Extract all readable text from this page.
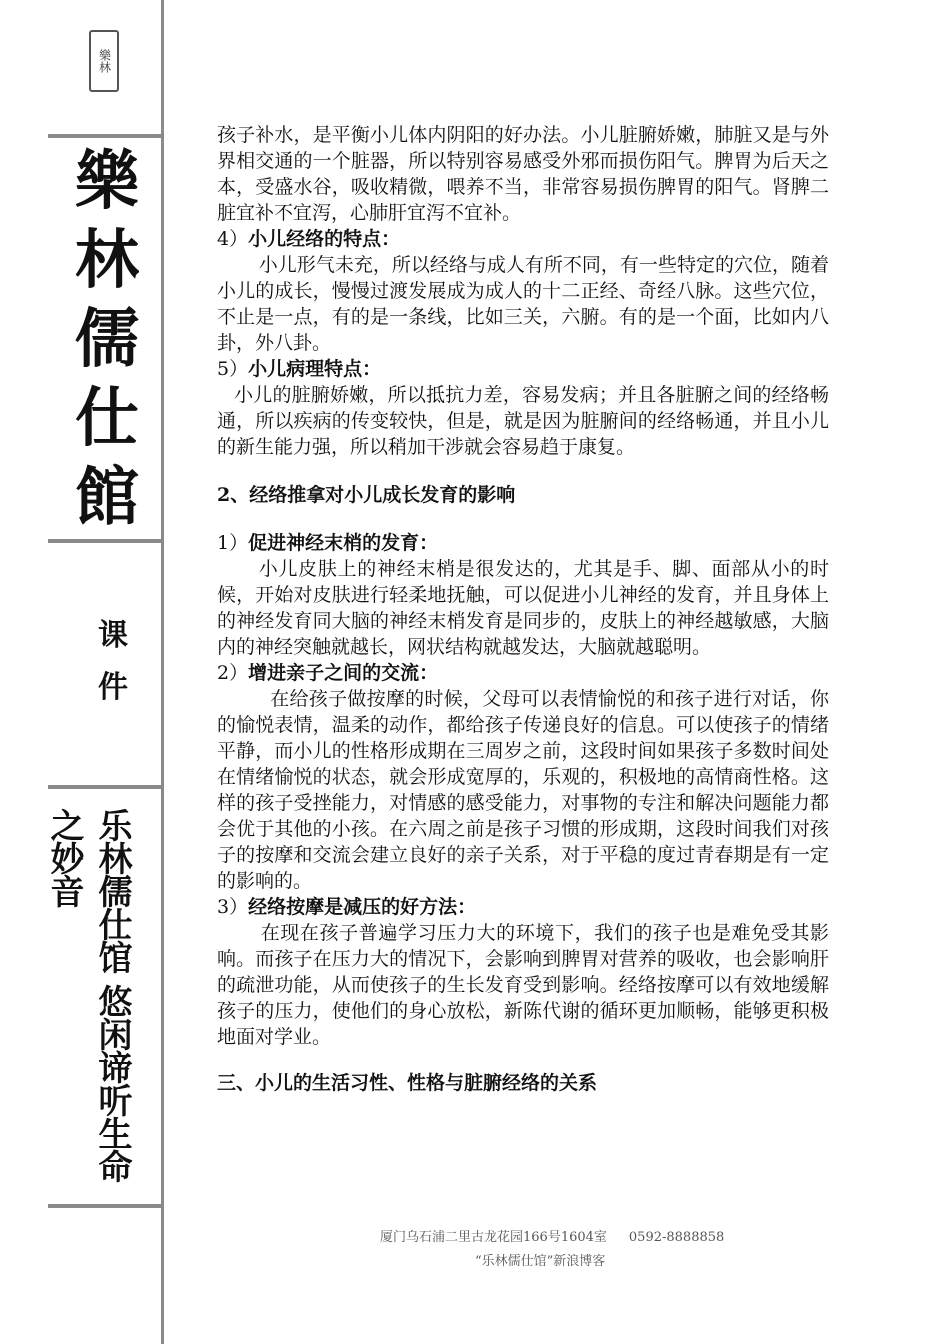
樂林
樂
林
儒
仕
館
课 件
乐林儒仕馆 悠闲谛听生命之妙音

孩子补水，是平衡小儿体内阴阳的好办法。小儿脏腑娇嫩，肺脏又是与外界相交通的一个脏器，所以特别容易感受外邪而损伤阳气。脾胃为后天之本，受盛水谷，吸收精微，喂养不当，非常容易损伤脾胃的阳气。肾脾二脏宜补不宜泻，心肺肝宜泻不宜补。

4）小儿经络的特点：

小儿形气未充，所以经络与成人有所不同，有一些特定的穴位，随着小儿的成长，慢慢过渡发展成为成人的十二正经、奇经八脉。这些穴位，不止是一点，有的是一条线，比如三关，六腑。有的是一个面，比如内八卦，外八卦。

5）小儿病理特点：

小儿的脏腑娇嫩，所以抵抗力差，容易发病；并且各脏腑之间的经络畅通，所以疾病的传变较快，但是，就是因为脏腑间的经络畅通，并且小儿的新生能力强，所以稍加干涉就会容易趋于康复。

2、经络推拿对小儿成长发育的影响

1）促进神经末梢的发育：

小儿皮肤上的神经末梢是很发达的，尤其是手、脚、面部从小的时候，开始对皮肤进行轻柔地抚触，可以促进小儿神经的发育，并且身体上的神经发育同大脑的神经末梢发育是同步的，皮肤上的神经越敏感，大脑内的神经突触就越长，网状结构就越发达，大脑就越聪明。

2）增进亲子之间的交流：

在给孩子做按摩的时候，父母可以表情愉悦的和孩子进行对话，你的愉悦表情，温柔的动作，都给孩子传递良好的信息。可以使孩子的情绪平静，而小儿的性格形成期在三周岁之前，这段时间如果孩子多数时间处在情绪愉悦的状态，就会形成宽厚的，乐观的，积极地的高情商性格。这样的孩子受挫能力，对情感的感受能力，对事物的专注和解决问题能力都会优于其他的小孩。在六周之前是孩子习惯的形成期，这段时间我们对孩子的按摩和交流会建立良好的亲子关系，对于平稳的度过青春期是有一定的影响的。

3）经络按摩是减压的好方法：

在现在孩子普遍学习压力大的环境下，我们的孩子也是难免受其影响。而孩子在压力大的情况下，会影响到脾胃对营养的吸收，也会影响肝的疏泄功能，从而使孩子的生长发育受到影响。经络按摩可以有效地缓解孩子的压力，使他们的身心放松，新陈代谢的循环更加顺畅，能够更积极地面对学业。

三、小儿的生活习性、性格与脏腑经络的关系

厦门乌石浦二里古龙花园166号1604室 0592-8888858
“乐林儒仕馆”新浪博客
